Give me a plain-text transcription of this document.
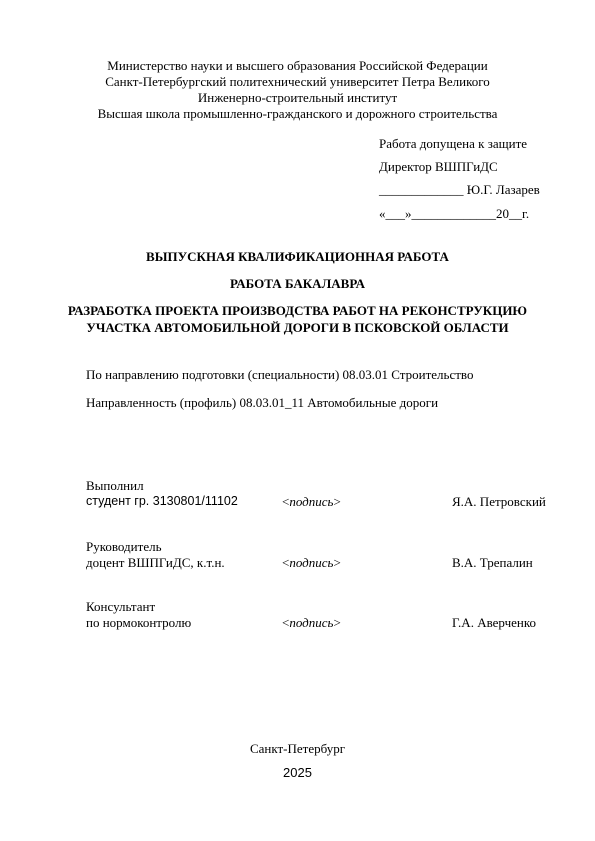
Министерство науки и высшего образования Российской Федерации
Санкт-Петербургский политехнический университет Петра Великого
Инженерно-строительный институт
Высшая школа промышленно-гражданского и дорожного строительства
Работа допущена к защите
Директор ВШПГиДС
_____________ Ю.Г. Лазарев
«___»_____________20__г.
ВЫПУСКНАЯ КВАЛИФИКАЦИОННАЯ РАБОТА
РАБОТА БАКАЛАВРА
РАЗРАБОТКА ПРОЕКТА ПРОИЗВОДСТВА РАБОТ НА РЕКОНСТРУКЦИЮ УЧАСТКА АВТОМОБИЛЬНОЙ ДОРОГИ В ПСКОВСКОЙ ОБЛАСТИ
По направлению подготовки (специальности) 08.03.01 Строительство
Направленность (профиль) 08.03.01_11 Автомобильные дороги
Выполнил
студент гр. 3130801/11102	<подпись>	Я.А. Петровский
Руководитель
доцент ВШПГиДС, к.т.н.	<подпись>	В.А. Трепалин
Консультант
по нормоконтролю	<подпись>	Г.А. Аверченко
Санкт-Петербург
2025
